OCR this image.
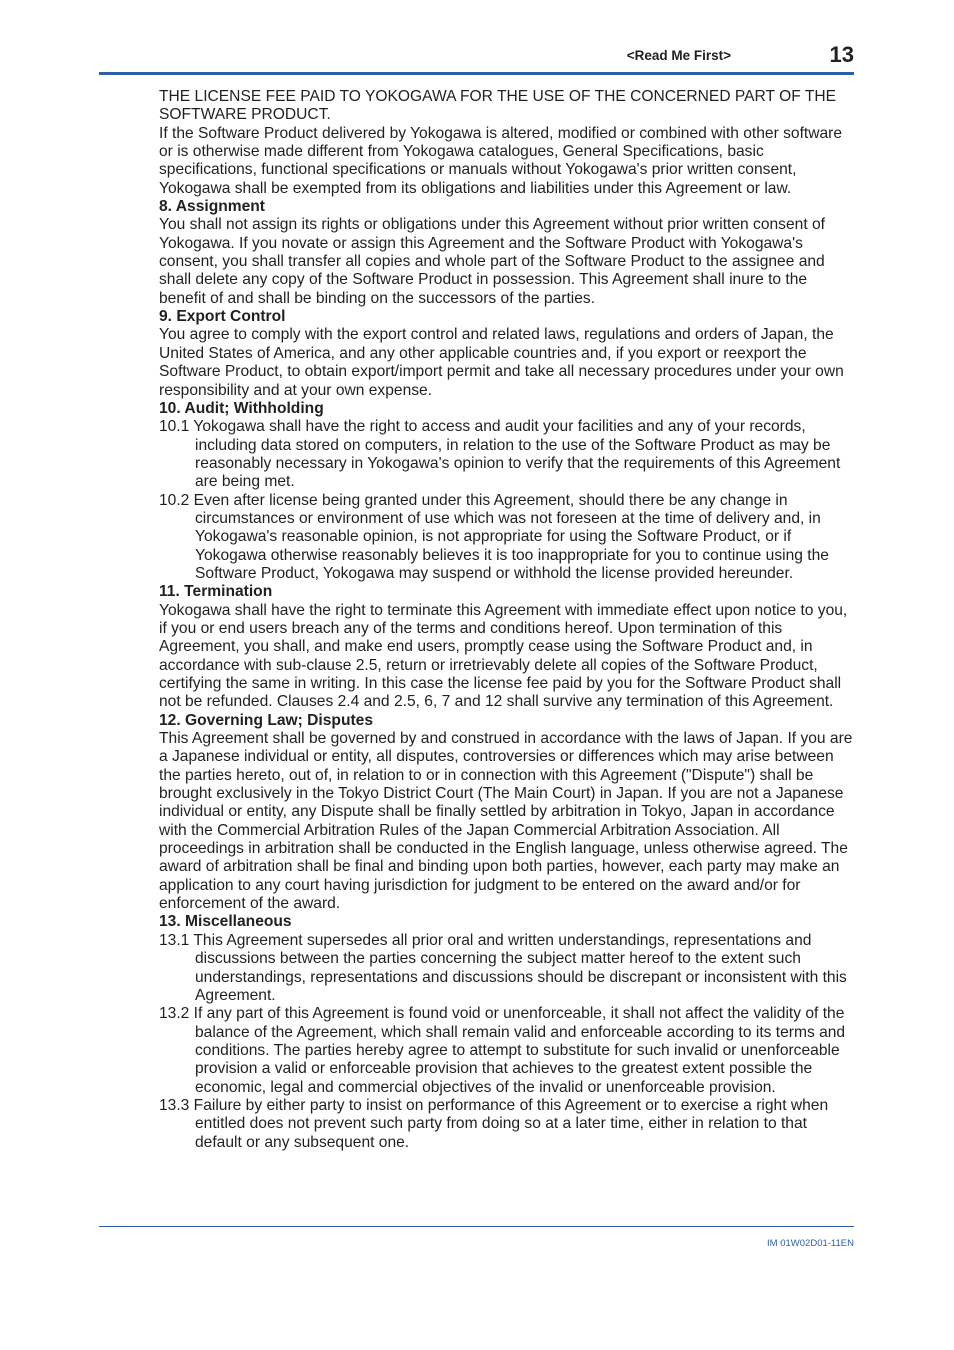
<Read Me First>	13

THE LICENSE FEE PAID TO YOKOGAWA FOR THE USE OF THE CONCERNED PART OF THE SOFTWARE PRODUCT.

If the Software Product delivered by Yokogawa is altered, modified or combined with other software or is otherwise made different from Yokogawa catalogues, General Specifications, basic specifications, functional specifications or manuals without Yokogawa's prior written consent, Yokogawa shall be exempted from its obligations and liabilities under this Agreement or law.

8. Assignment

You shall not assign its rights or obligations under this Agreement without prior written consent of Yokogawa. If you novate or assign this Agreement and the Software Product with Yokogawa's consent, you shall transfer all copies and whole part of the Software Product to the assignee and shall delete any copy of the Software Product in possession. This Agreement shall inure to the benefit of and shall be binding on the successors of the parties.

9. Export Control

You agree to comply with the export control and related laws, regulations and orders of Japan, the United States of America, and any other applicable countries and, if you export or reexport the Software Product, to obtain export/import permit and take all necessary procedures under your own responsibility and at your own expense.

10. Audit; Withholding

10.1 Yokogawa shall have the right to access and audit your facilities and any of your records, including data stored on computers, in relation to the use of the Software Product as may be reasonably necessary in Yokogawa's opinion to verify that the requirements of this Agreement are being met.

10.2 Even after license being granted under this Agreement, should there be any change in circumstances or environment of use which was not foreseen at the time of delivery and, in Yokogawa's reasonable opinion, is not appropriate for using the Software Product, or if Yokogawa otherwise reasonably believes it is too inappropriate for you to continue using the Software Product, Yokogawa may suspend or withhold the license provided hereunder.

11. Termination

Yokogawa shall have the right to terminate this Agreement with immediate effect upon notice to you, if you or end users breach any of the terms and conditions hereof. Upon termination of this Agreement, you shall, and make end users, promptly cease using the Software Product and, in accordance with sub-clause 2.5, return or irretrievably delete all copies of the Software Product, certifying the same in writing. In this case the license fee paid by you for the Software Product shall not be refunded. Clauses 2.4 and 2.5, 6, 7 and 12 shall survive any termination of this Agreement.

12. Governing Law; Disputes

This Agreement shall be governed by and construed in accordance with the laws of Japan. If you are a Japanese individual or entity, all disputes, controversies or differences which may arise between the parties hereto, out of, in relation to or in connection with this Agreement ("Dispute") shall be brought exclusively in the Tokyo District Court (The Main Court) in Japan. If you are not a Japanese individual or entity, any Dispute shall be finally settled by arbitration in Tokyo, Japan in accordance with the Commercial Arbitration Rules of the Japan Commercial Arbitration Association. All proceedings in arbitration shall be conducted in the English language, unless otherwise agreed. The award of arbitration shall be final and binding upon both parties, however, each party may make an application to any court having jurisdiction for judgment to be entered on the award and/or for enforcement of the award.

13. Miscellaneous

13.1 This Agreement supersedes all prior oral and written understandings, representations and discussions between the parties concerning the subject matter hereof to the extent such understandings, representations and discussions should be discrepant or inconsistent with this Agreement.

13.2 If any part of this Agreement is found void or unenforceable, it shall not affect the validity of the balance of the Agreement, which shall remain valid and enforceable according to its terms and conditions. The parties hereby agree to attempt to substitute for such invalid or unenforceable provision a valid or enforceable provision that achieves to the greatest extent possible the economic, legal and commercial objectives of the invalid or unenforceable provision.

13.3 Failure by either party to insist on performance of this Agreement or to exercise a right when entitled does not prevent such party from doing so at a later time, either in relation to that default or any subsequent one.

IM 01W02D01-11EN
